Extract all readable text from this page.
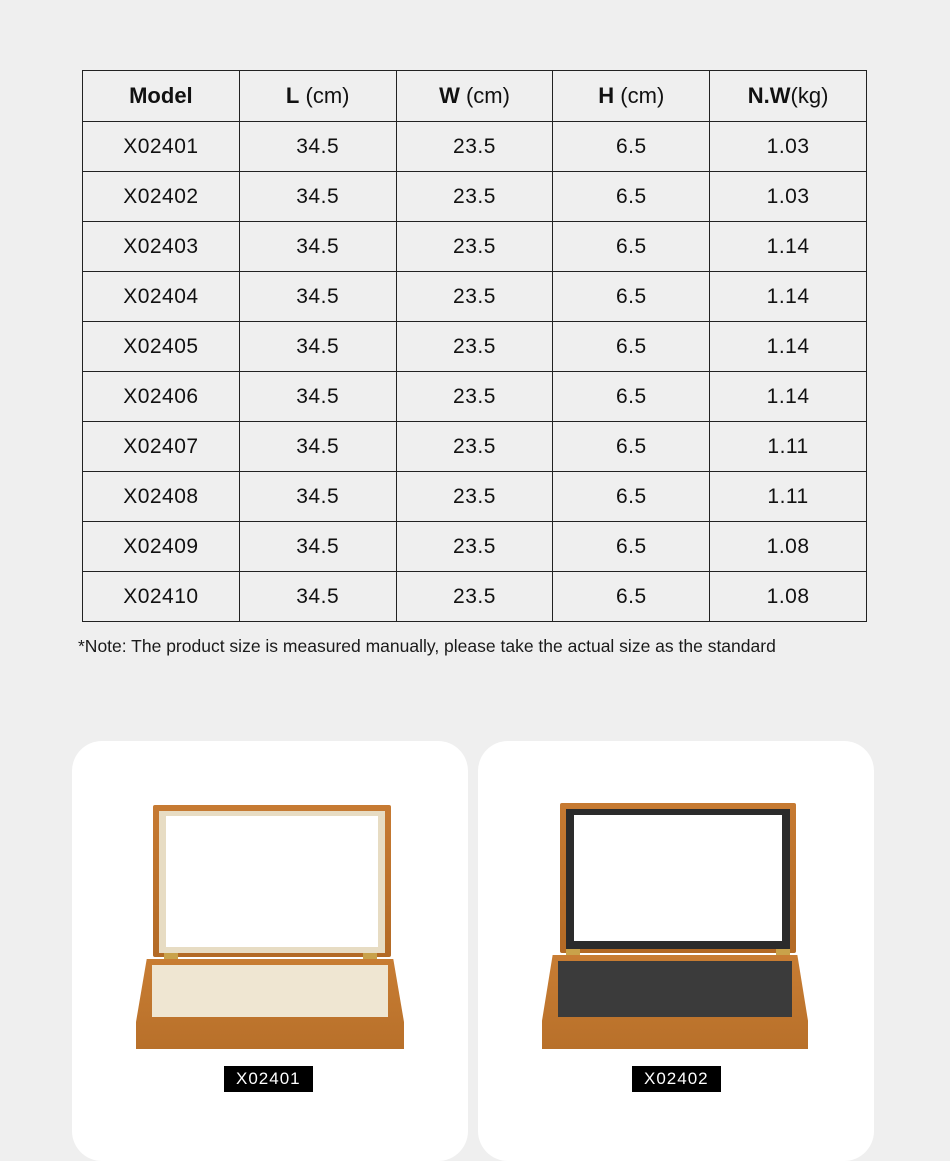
Model	L (cm)	W (cm)	H (cm)	N.W(kg)
X02401	34.5	23.5	6.5	1.03
X02402	34.5	23.5	6.5	1.03
X02403	34.5	23.5	6.5	1.14
X02404	34.5	23.5	6.5	1.14
X02405	34.5	23.5	6.5	1.14
X02406	34.5	23.5	6.5	1.14
X02407	34.5	23.5	6.5	1.11
X02408	34.5	23.5	6.5	1.11
X02409	34.5	23.5	6.5	1.08
X02410	34.5	23.5	6.5	1.08
*Note: The product size is measured manually, please take the actual size as the standard
X02401	X02402
